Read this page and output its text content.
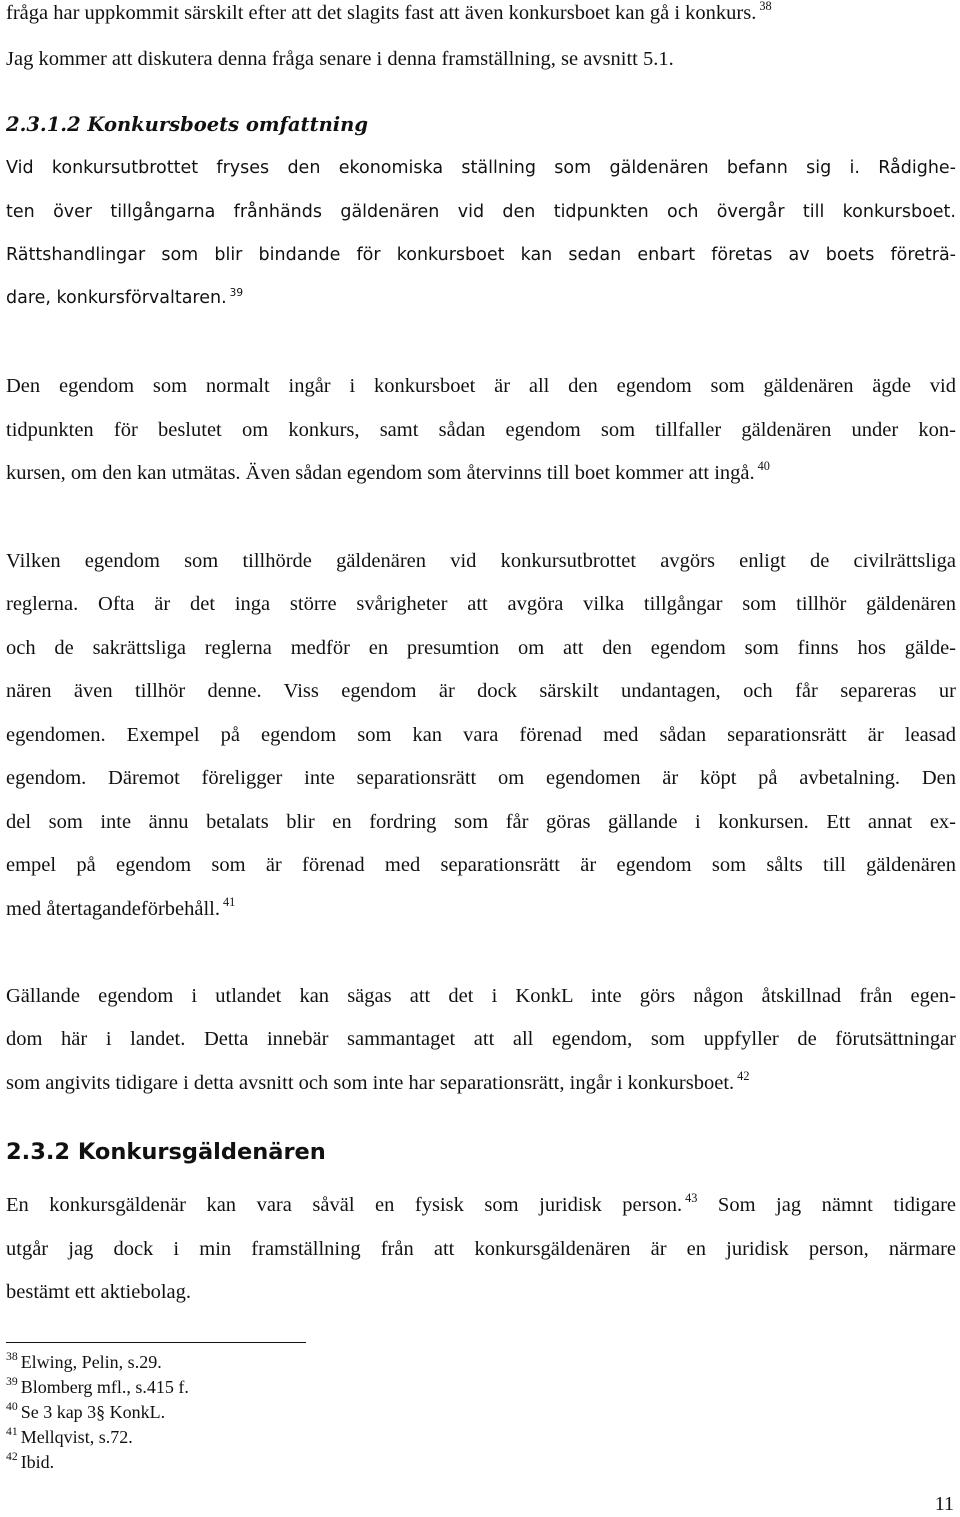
fråga har uppkommit särskilt efter att det slagits fast att även konkursboet kan gå i konkurs. $^{38}$
Jag kommer att diskutera denna fråga senare i denna framställning, se avsnitt 5.1.
2.3.1.2 Konkursboets omfattning
Vid konkursutbrottet fryses den ekonomiska ställning som gäldenären befann sig i. Rådighe-
ten över tillgångarna frånhänds gäldenären vid den tidpunkten och övergår till konkursboet.
Rättshandlingar som blir bindande för konkursboet kan sedan enbart företas av boets företrä-
dare, konkursförvaltaren. $^{39}$
Den egendom som normalt ingår i konkursboet är all den egendom som gäldenären ägde vid
tidpunkten för beslutet om konkurs, samt sådan egendom som tillfaller gäldenären under kon-
kursen, om den kan utmätas. Även sådan egendom som återvinns till boet kommer att ingå. $^{40}$
Vilken egendom som tillhörde gäldenären vid konkursutbrottet avgörs enligt de civilrättsliga
reglerna. Ofta är det inga större svårigheter att avgöra vilka tillgångar som tillhör gäldenären
och de sakrättsliga reglerna medför en presumtion om att den egendom som finns hos gälde-
nären även tillhör denne. Viss egendom är dock särskilt undantagen, och får separeras ur
egendomen. Exempel på egendom som kan vara förenad med sådan separationsrätt är leasad
egendom. Däremot föreligger inte separationsrätt om egendomen är köpt på avbetalning. Den
del som inte ännu betalats blir en fordring som får göras gällande i konkursen. Ett annat ex-
empel på egendom som är förenad med separationsrätt är egendom som sålts till gäldenären
med återtagandeförbehåll. $^{41}$
Gällande egendom i utlandet kan sägas att det i KonkL inte görs någon åtskillnad från egen-
dom här i landet. Detta innebär sammantaget att all egendom, som uppfyller de förutsättningar
som angivits tidigare i detta avsnitt och som inte har separationsrätt, ingår i konkursboet. $^{42}$
2.3.2 Konkursgäldenären
En konkursgäldenär kan vara såväl en fysisk som juridisk person. $^{43}$ Som jag nämnt tidigare
utgår jag dock i min framställning från att konkursgäldenären är en juridisk person, närmare
bestämt ett aktiebolag.
$^{38}$ Elwing, Pelin, s.29.
$^{39}$ Blomberg mfl., s.415 f.
$^{40}$ Se 3 kap 3§ KonkL.
$^{41}$ Mellqvist, s.72.
$^{42}$ Ibid.
11
